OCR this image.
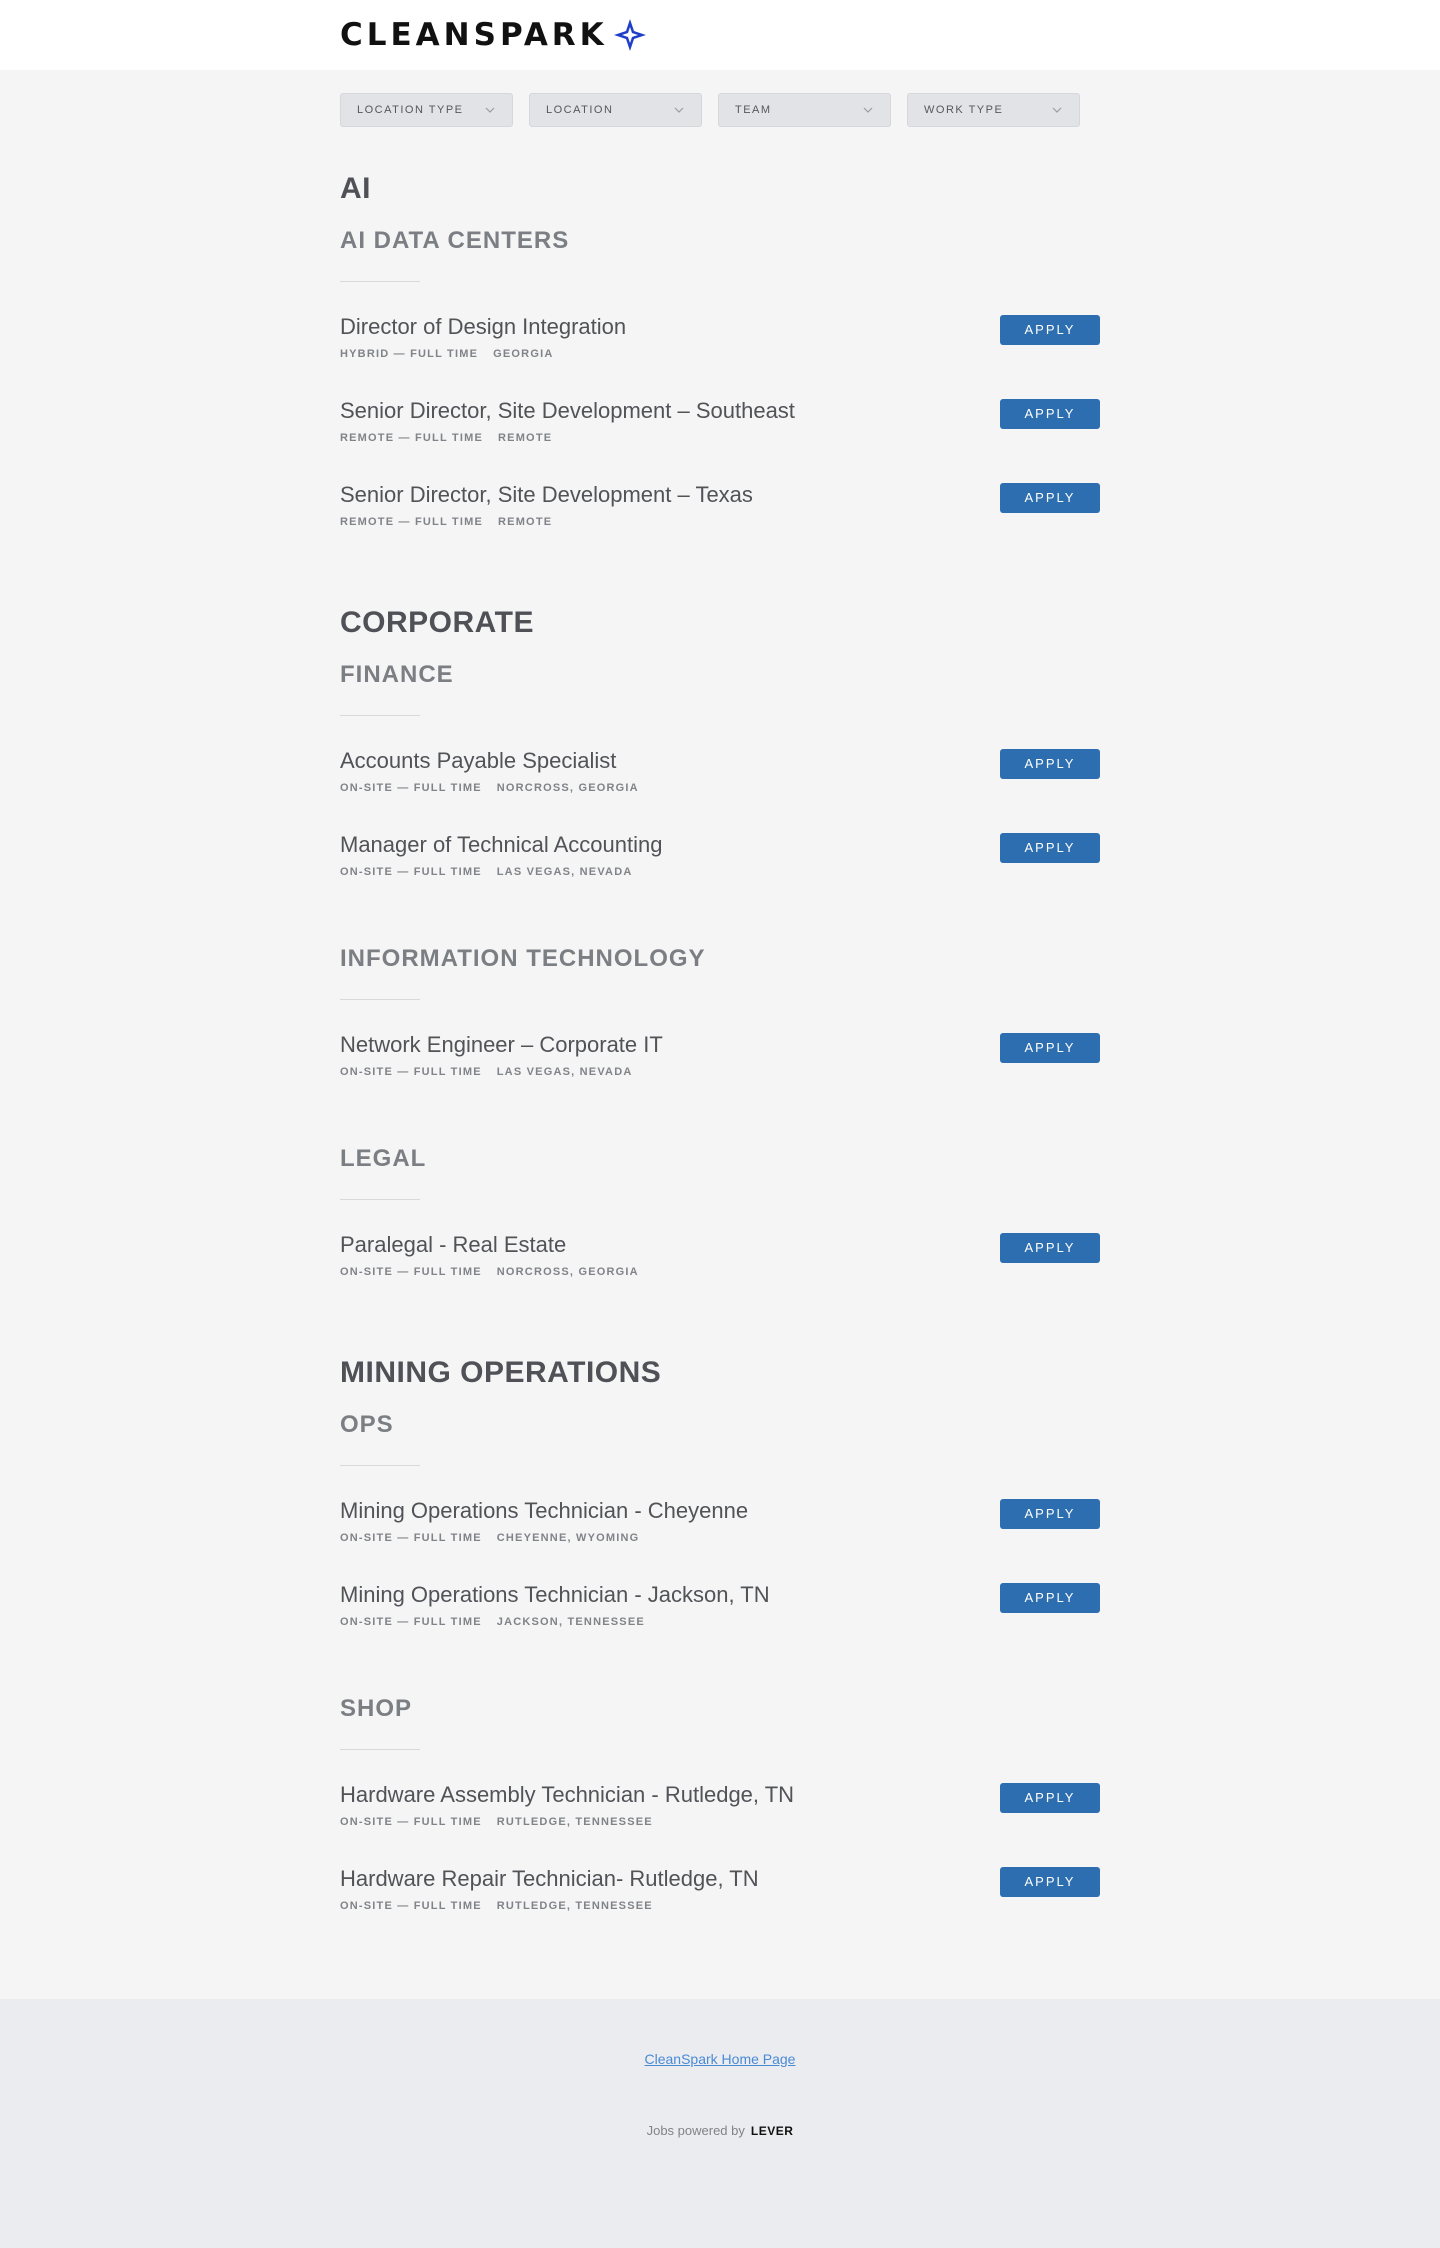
CLEANSPARK
LOCATION TYPE	LOCATION	TEAM	WORK TYPE
AI
AI DATA CENTERS
Director of Design Integration
HYBRID — FULL TIME GEORGIA
APPLY
Senior Director, Site Development – Southeast
REMOTE — FULL TIME REMOTE
APPLY
Senior Director, Site Development – Texas
REMOTE — FULL TIME REMOTE
APPLY
CORPORATE
FINANCE
Accounts Payable Specialist
ON-SITE — FULL TIME NORCROSS, GEORGIA
APPLY
Manager of Technical Accounting
ON-SITE — FULL TIME LAS VEGAS, NEVADA
APPLY
INFORMATION TECHNOLOGY
Network Engineer – Corporate IT
ON-SITE — FULL TIME LAS VEGAS, NEVADA
APPLY
LEGAL
Paralegal - Real Estate
ON-SITE — FULL TIME NORCROSS, GEORGIA
APPLY
MINING OPERATIONS
OPS
Mining Operations Technician - Cheyenne
ON-SITE — FULL TIME CHEYENNE, WYOMING
APPLY
Mining Operations Technician - Jackson, TN
ON-SITE — FULL TIME JACKSON, TENNESSEE
APPLY
SHOP
Hardware Assembly Technician - Rutledge, TN
ON-SITE — FULL TIME RUTLEDGE, TENNESSEE
APPLY
Hardware Repair Technician- Rutledge, TN
ON-SITE — FULL TIME RUTLEDGE, TENNESSEE
APPLY
CleanSpark Home Page
Jobs powered by LEVER
